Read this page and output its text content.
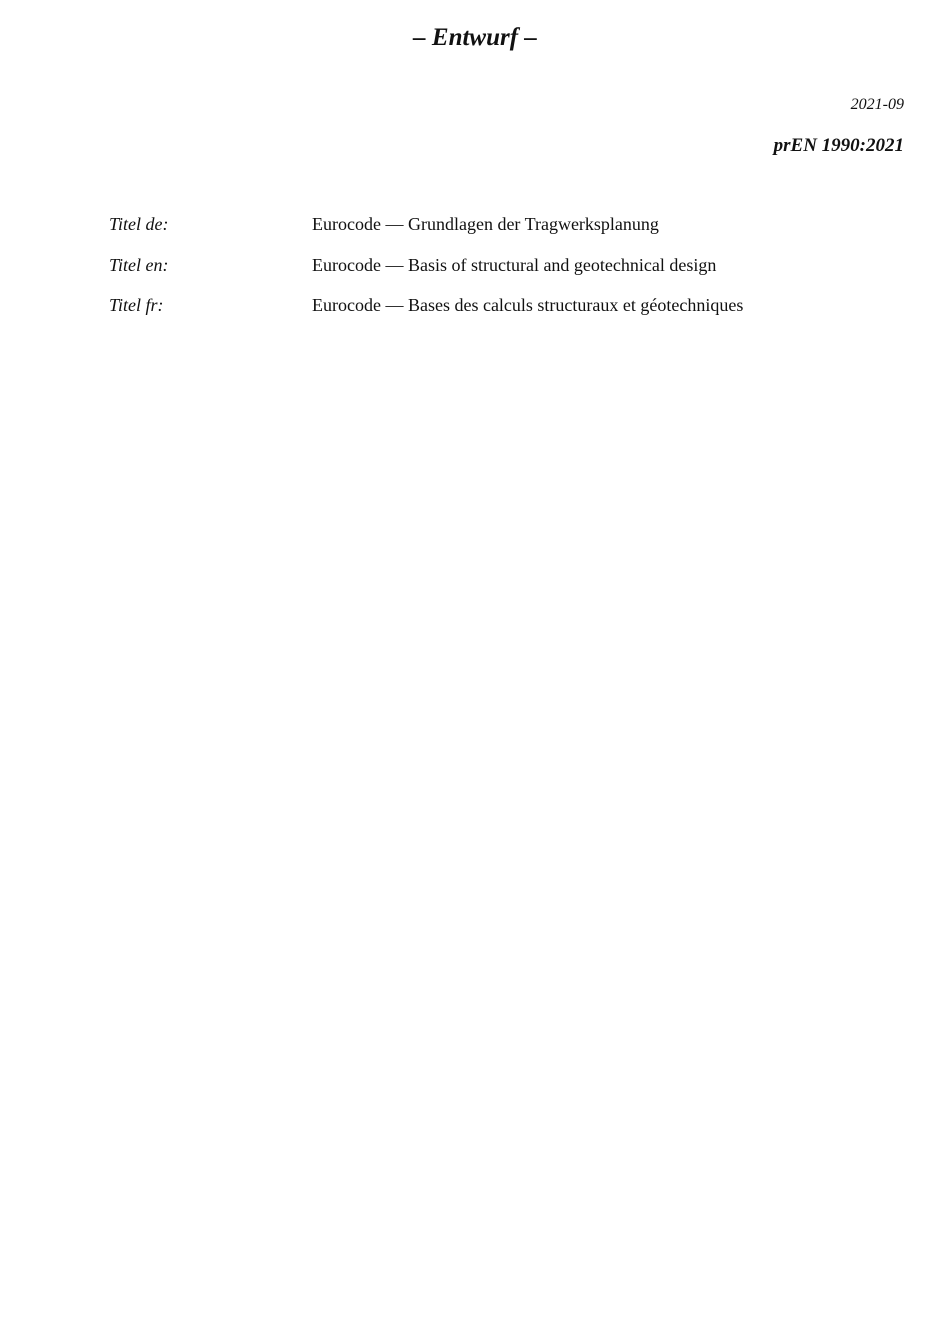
– Entwurf –
2021-09
prEN 1990:2021
Titel de:	Eurocode — Grundlagen der Tragwerksplanung
Titel en:	Eurocode — Basis of structural and geotechnical design
Titel fr:	Eurocode — Bases des calculs structuraux et géotechniques
